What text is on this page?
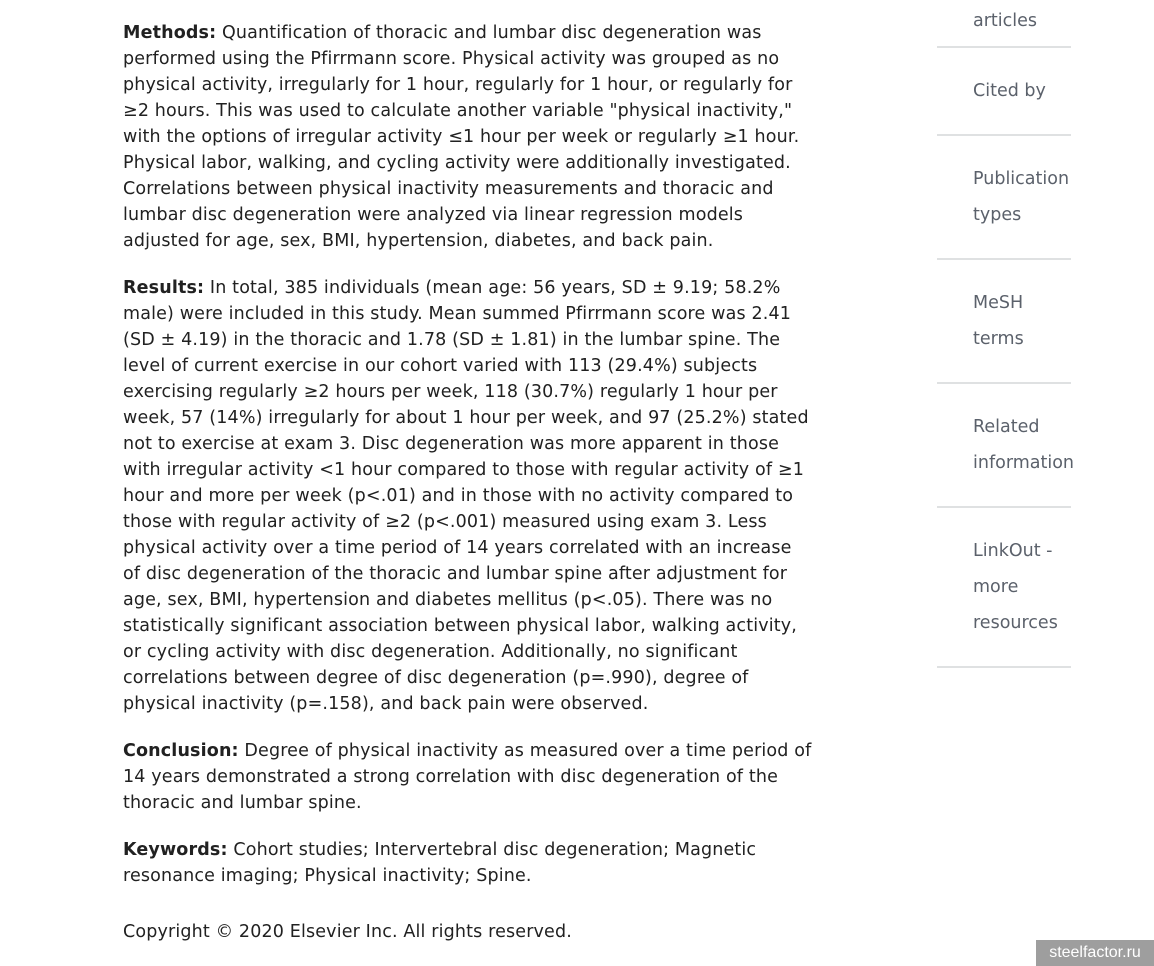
Methods: Quantification of thoracic and lumbar disc degeneration was performed using the Pfirrmann score. Physical activity was grouped as no physical activity, irregularly for 1 hour, regularly for 1 hour, or regularly for ≥2 hours. This was used to calculate another variable "physical inactivity," with the options of irregular activity ≤1 hour per week or regularly ≥1 hour. Physical labor, walking, and cycling activity were additionally investigated. Correlations between physical inactivity measurements and thoracic and lumbar disc degeneration were analyzed via linear regression models adjusted for age, sex, BMI, hypertension, diabetes, and back pain.

Results: In total, 385 individuals (mean age: 56 years, SD ± 9.19; 58.2% male) were included in this study. Mean summed Pfirrmann score was 2.41 (SD ± 4.19) in the thoracic and 1.78 (SD ± 1.81) in the lumbar spine. The level of current exercise in our cohort varied with 113 (29.4%) subjects exercising regularly ≥2 hours per week, 118 (30.7%) regularly 1 hour per week, 57 (14%) irregularly for about 1 hour per week, and 97 (25.2%) stated not to exercise at exam 3. Disc degeneration was more apparent in those with irregular activity <1 hour compared to those with regular activity of ≥1 hour and more per week (p<.01) and in those with no activity compared to those with regular activity of ≥2 (p<.001) measured using exam 3. Less physical activity over a time period of 14 years correlated with an increase of disc degeneration of the thoracic and lumbar spine after adjustment for age, sex, BMI, hypertension and diabetes mellitus (p<.05). There was no statistically significant association between physical labor, walking activity, or cycling activity with disc degeneration. Additionally, no significant correlations between degree of disc degeneration (p=.990), degree of physical inactivity (p=.158), and back pain were observed.

Conclusion: Degree of physical inactivity as measured over a time period of 14 years demonstrated a strong correlation with disc degeneration of the thoracic and lumbar spine.

Keywords: Cohort studies; Intervertebral disc degeneration; Magnetic resonance imaging; Physical inactivity; Spine.

Copyright © 2020 Elsevier Inc. All rights reserved.

articles
Cited by
Publication types
MeSH terms
Related information
LinkOut - more resources
steelfactor.ru
